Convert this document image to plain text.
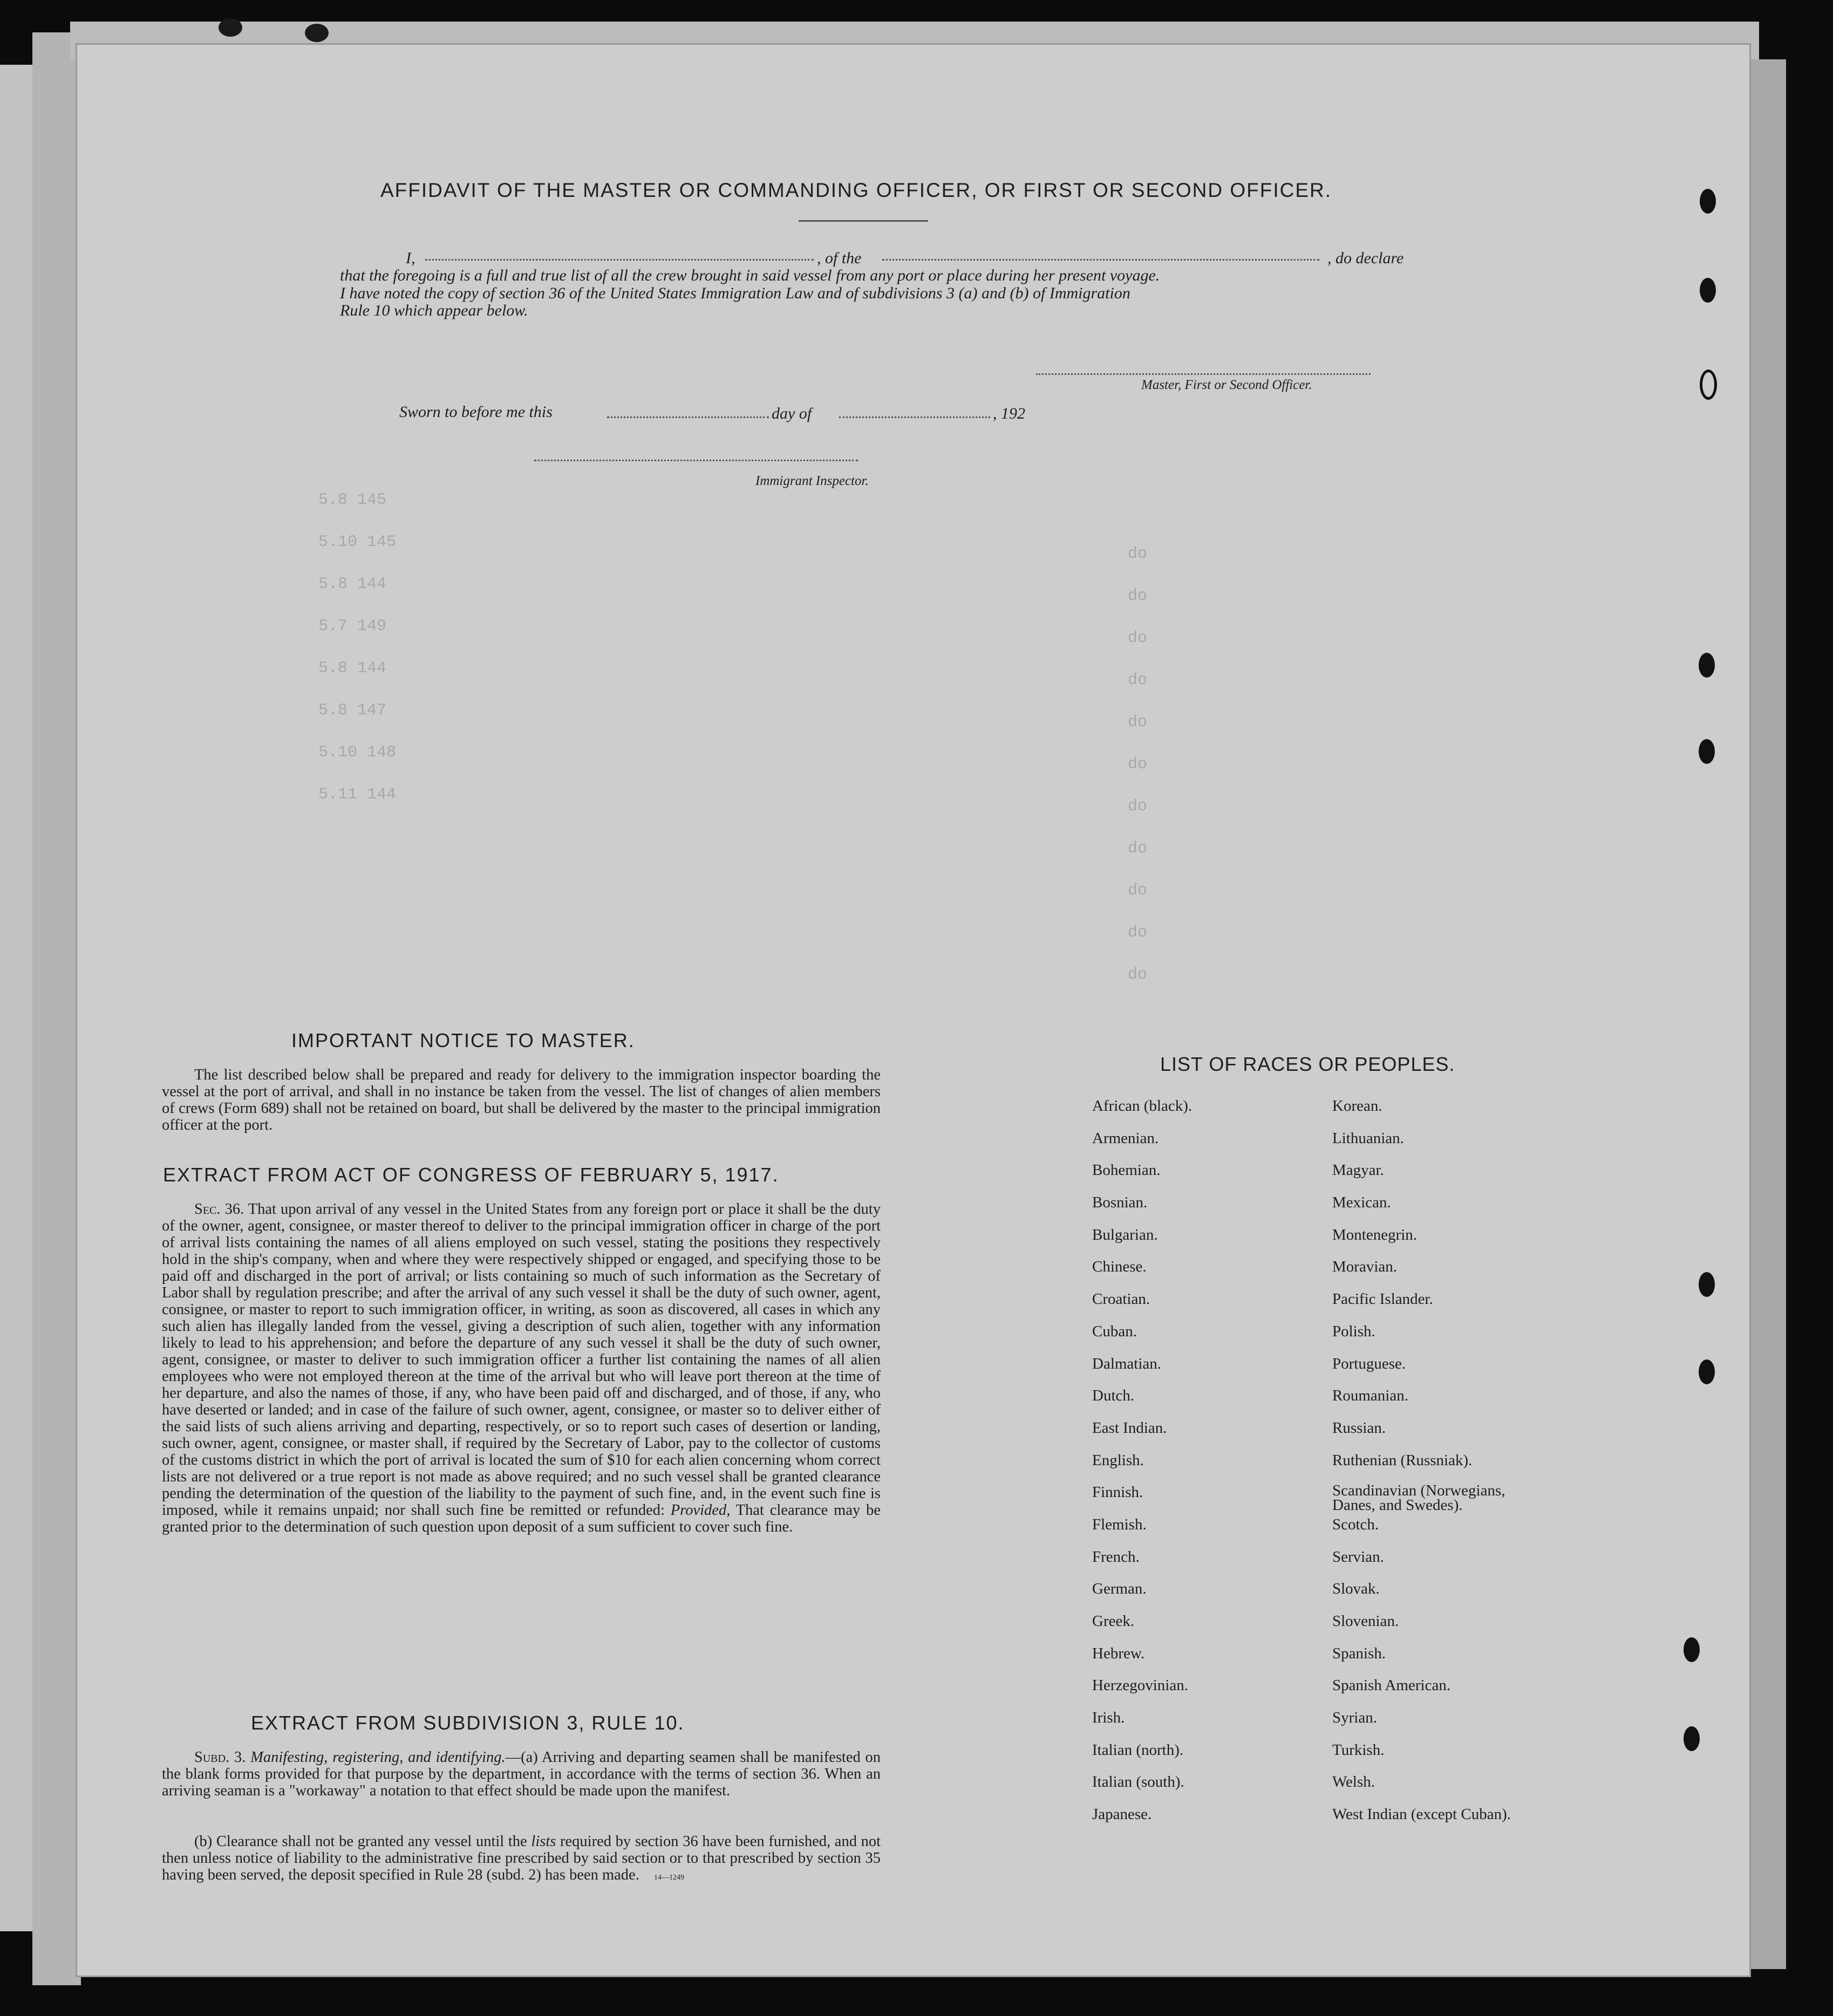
5.8 145
5.10 145
5.8 144
5.7 149
5.8 144
5.8 147
5.10 148
5.11 144
do
do
do
do
do
do
do
do
do
do
do
AFFIDAVIT OF THE MASTER OR COMMANDING OFFICER, OR FIRST OR SECOND OFFICER.
I,	, of the	, do declare
that the foregoing is a full and true list of all the crew brought in said vessel from any port or place during her present voyage.
I have noted the copy of section 36 of the United States Immigration Law and of subdivisions 3 (a) and (b) of Immigration
Rule 10 which appear below.
Master, First or Second Officer.
Sworn to before me this	day of	, 192
Immigrant Inspector.
IMPORTANT NOTICE TO MASTER.

The list described below shall be prepared and ready for delivery to the immigration inspector boarding the vessel at the port of arrival, and shall in no instance be taken from the vessel. The list of changes of alien members of crews (Form 689) shall not be retained on board, but shall be delivered by the master to the principal immigration officer at the port.

EXTRACT FROM ACT OF CONGRESS OF FEBRUARY 5, 1917.

Sec. 36. That upon arrival of any vessel in the United States from any foreign port or place it shall be the duty of the owner, agent, consignee, or master thereof to deliver to the principal immigration officer in charge of the port of arrival lists containing the names of all aliens employed on such vessel, stating the positions they respectively hold in the ship's company, when and where they were respectively shipped or engaged, and specifying those to be paid off and discharged in the port of arrival; or lists containing so much of such information as the Secretary of Labor shall by regulation prescribe; and after the arrival of any such vessel it shall be the duty of such owner, agent, consignee, or master to report to such immigration officer, in writing, as soon as discovered, all cases in which any such alien has illegally landed from the vessel, giving a description of such alien, together with any information likely to lead to his apprehension; and before the departure of any such vessel it shall be the duty of such owner, agent, consignee, or master to deliver to such immigration officer a further list containing the names of all alien employees who were not employed thereon at the time of the arrival but who will leave port thereon at the time of her departure, and also the names of those, if any, who have been paid off and discharged, and of those, if any, who have deserted or landed; and in case of the failure of such owner, agent, consignee, or master so to deliver either of the said lists of such aliens arriving and departing, respectively, or so to report such cases of desertion or landing, such owner, agent, consignee, or master shall, if required by the Secretary of Labor, pay to the collector of customs of the customs district in which the port of arrival is located the sum of $10 for each alien concerning whom correct lists are not delivered or a true report is not made as above required; and no such vessel shall be granted clearance pending the determination of the question of the liability to the payment of such fine, and, in the event such fine is imposed, while it remains unpaid; nor shall such fine be remitted or refunded: Provided, That clearance may be granted prior to the determination of such question upon deposit of a sum sufficient to cover such fine.

EXTRACT FROM SUBDIVISION 3, RULE 10.

Subd. 3. Manifesting, registering, and identifying.—(a) Arriving and departing seamen shall be manifested on the blank forms provided for that purpose by the department, in accordance with the terms of section 36. When an arriving seaman is a "workaway" a notation to that effect should be made upon the manifest.

(b) Clearance shall not be granted any vessel until the lists required by section 36 have been furnished, and not then unless notice of liability to the administrative fine prescribed by said section or to that prescribed by section 35 having been served, the deposit specified in Rule 28 (subd. 2) has been made. 14—1249

LIST OF RACES OR PEOPLES.
African (black).	Korean.
Armenian.	Lithuanian.
Bohemian.	Magyar.
Bosnian.	Mexican.
Bulgarian.	Montenegrin.
Chinese.	Moravian.
Croatian.	Pacific Islander.
Cuban.	Polish.
Dalmatian.	Portuguese.
Dutch.	Roumanian.
East Indian.	Russian.
English.	Ruthenian (Russniak).
Finnish.	Scandinavian (Norwegians, Danes, and Swedes).
Flemish.	Scotch.
French.	Servian.
German.	Slovak.
Greek.	Slovenian.
Hebrew.	Spanish.
Herzegovinian.	Spanish American.
Irish.	Syrian.
Italian (north).	Turkish.
Italian (south).	Welsh.
Japanese.	West Indian (except Cuban).
